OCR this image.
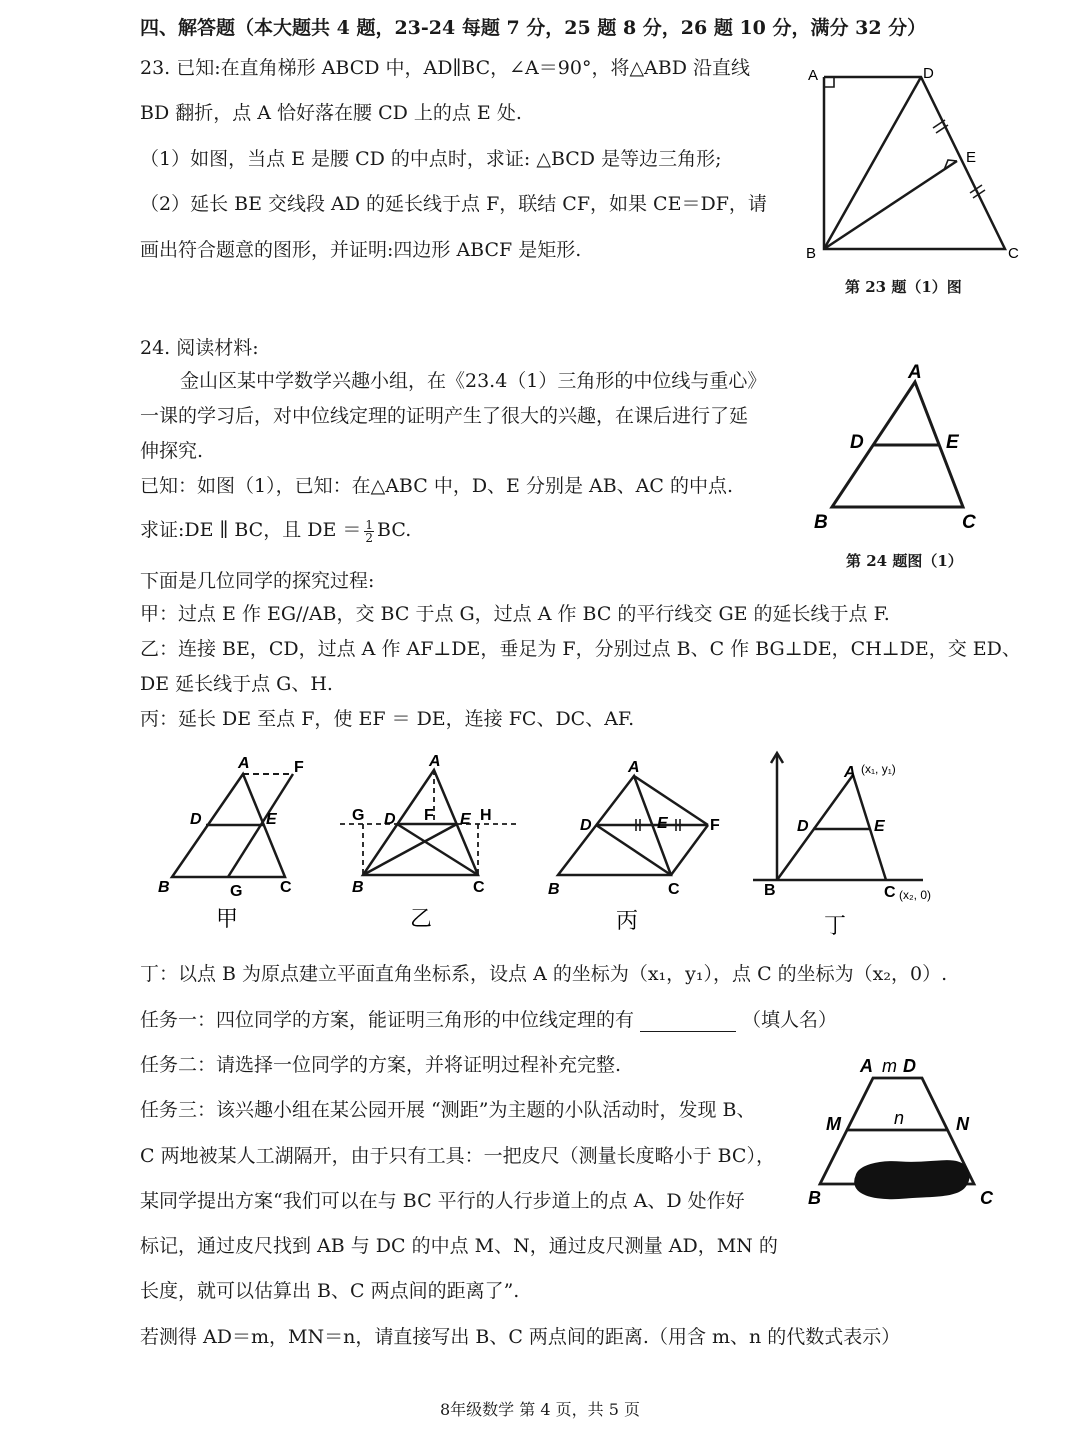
四、解答题（本大题共 4 题，23-24 每题 7 分，25 题 8 分，26 题 10 分，满分 32 分）
23. 已知:在直角梯形 ABCD 中，AD∥BC，∠A＝90°，将△ABD 沿直线
BD 翻折，点 A 恰好落在腰 CD 上的点 E 处.
（1）如图，当点 E 是腰 CD 的中点时，求证: △BCD 是等边三角形;
（2）延长 BE 交线段 AD 的延长线于点 F，联结 CF，如果 CE＝DF，请
画出符合题意的图形，并证明:四边形 ABCF 是矩形.
A	D
E
B	C
第 23 题（1）图
24. 阅读材料:
金山区某中学数学兴趣小组，在《23.4（1）三角形的中位线与重心》
一课的学习后，对中位线定理的证明产生了很大的兴趣，在课后进行了延
伸探究.
已知：如图（1），已知：在△ABC 中，D、E 分别是 AB、AC 的中点.
求证:DE ∥ BC，且 DE ＝ $\frac{1}{2}$ BC.
A
D	E
B	C
第 24 题图（1）
下面是几位同学的探究过程:
甲：过点 E 作 EG//AB，交 BC 于点 G，过点 A 作 BC 的平行线交 GE 的延长线于点 F.
乙：连接 BE，CD，过点 A 作 AF⊥DE，垂足为 F，分别过点 B、C 作 BG⊥DE，CH⊥DE，交 ED、
DE 延长线于点 G、H.
丙：延长 DE 至点 F，使 EF ＝ DE，连接 FC、DC、AF.
A	F
D	E
B	G C
甲
A
G D F E H
B	C
乙
A
D	E	F
B	C
丙
A (x₁, y₁)
D	E
B	C (x₂, 0)
丁
丁：以点 B 为原点建立平面直角坐标系，设点 A 的坐标为（x₁，y₁），点 C 的坐标为（x₂，0）.
任务一：四位同学的方案，能证明三角形的中位线定理的有	（填人名）
任务二：请选择一位同学的方案，并将证明过程补充完整.
任务三：该兴趣小组在某公园开展 “测距”为主题的小队活动时，发现 B、
C 两地被某人工湖隔开，由于只有工具：一把皮尺（测量长度略小于 BC），
某同学提出方案“我们可以在与 BC 平行的人行步道上的点 A、D 处作好
标记，通过皮尺找到 AB 与 DC 的中点 M、N，通过皮尺测量 AD，MN 的
长度，就可以估算出 B、C 两点间的距离了”.
若测得 AD＝m，MN＝n，请直接写出 B、C 两点间的距离.（用含 m、n 的代数式表示）
A m D
M	n	N
B	C
8年级数学 第 4 页，共 5 页
